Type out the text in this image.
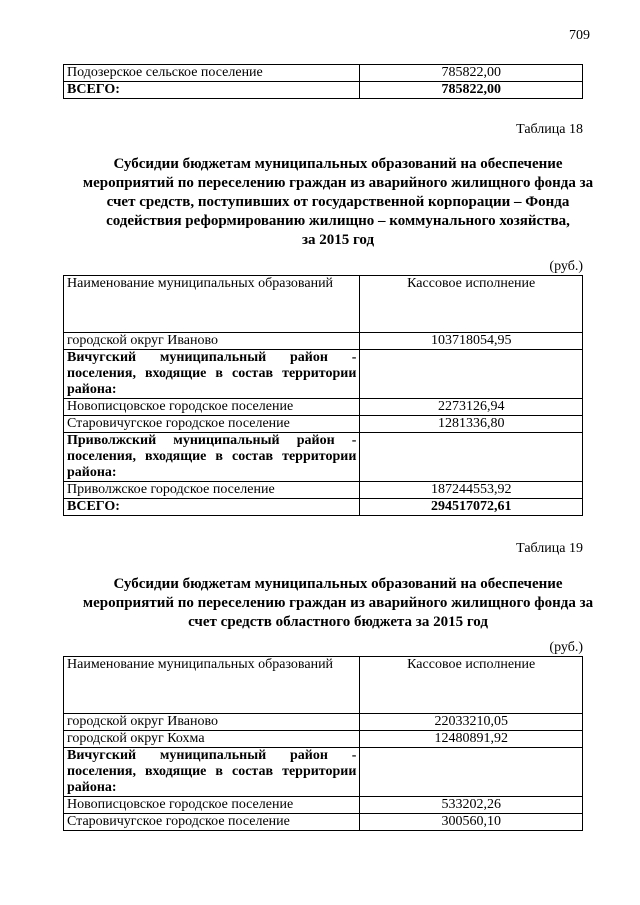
709
Подозерское сельское поселение	785822,00
ВСЕГО:	785822,00
Таблица 18
Субсидии бюджетам муниципальных образований на обеспечение
мероприятий по переселению граждан из аварийного жилищного фонда за
счет средств, поступивших от государственной корпорации – Фонда
содействия реформированию жилищно – коммунального хозяйства,
за 2015 год
(руб.)
Наименование муниципальных образований	Кассовое исполнение
городской округ Иваново	103718054,95
Вичугский муниципальный район - поселения, входящие в состав территории района:	
Новописцовское городское поселение	2273126,94
Старовичугское городское поселение	1281336,80
Приволжский муниципальный район - поселения, входящие в состав территории района:	
Приволжское городское поселение	187244553,92
ВСЕГО:	294517072,61
Таблица 19
Субсидии бюджетам муниципальных образований на обеспечение
мероприятий по переселению граждан из аварийного жилищного фонда за
счет средств областного бюджета за 2015 год
(руб.)
Наименование муниципальных образований	Кассовое исполнение
городской округ Иваново	22033210,05
городской округ Кохма	12480891,92
Вичугский муниципальный район - поселения, входящие в состав территории района:	
Новописцовское городское поселение	533202,26
Старовичугское городское поселение	300560,10
